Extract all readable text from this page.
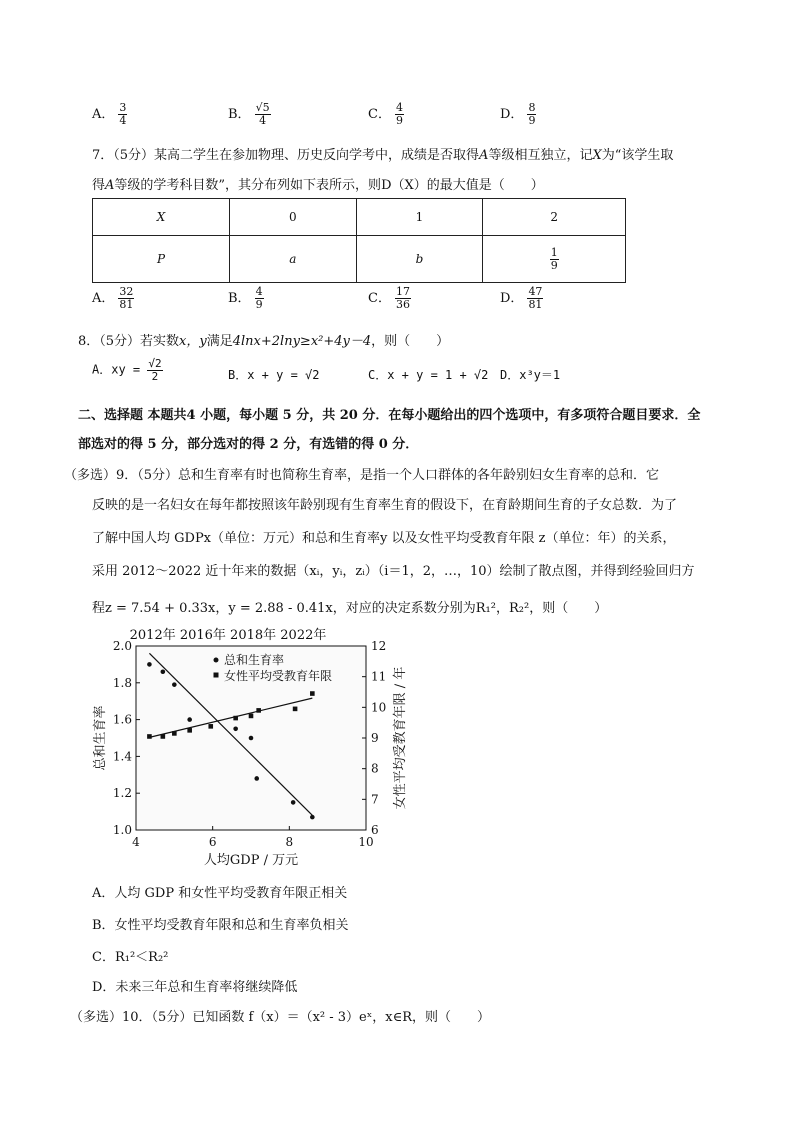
A． $\frac{3}{4}$	B． $\frac{√5}{4}$	C． $\frac{4}{9}$	D． $\frac{8}{9}$
7．（5分）某高二学生在参加物理、历史反向学考中，成绩是否取得A等级相互独立，记X为“该学生取
得A等级的学考科目数”，其分布列如下表所示，则D（X）的最大值是（　　）
X	0	1	2
P	a	b	$\frac{1}{9}$
A． $\frac{32}{81}$	B． $\frac{4}{9}$	C． $\frac{17}{36}$	D． $\frac{47}{81}$
8．（5分）若实数x，y满足4lnx+2lny≥x²+4y－4，则（　　）
A．xy = $\frac{√2}{2}$	B．x + y = √2	C．x + y = 1 + √2 D．x³y＝1
二、选择题 本题共4 小题，每小题 5 分，共 20 分．在每小题给出的四个选项中，有多项符合题目要求．全
部选对的得 5 分，部分选对的得 2 分，有选错的得 0 分．
（多选）9．（5分）总和生育率有时也简称生育率，是指一个人口群体的各年龄别妇女生育率的总和．它
反映的是一名妇女在每年都按照该年龄别现有生育率生育的假设下，在育龄期间生育的子女总数．为了
了解中国人均 GDPx（单位：万元）和总和生育率y 以及女性平均受教育年限 z（单位：年）的关系，
采用 2012～2022 近十年来的数据（xᵢ，yᵢ，zᵢ）（i＝1，2，…，10）绘制了散点图，并得到经验回归方
程z = 7.54 + 0.33x，y = 2.88 - 0.41x，对应的决定系数分别为R₁²，R₂²，则（　　）
2012年 2016年 2018年 2022年
4	6	8	10
1.0
1.2
1.4
1.6
1.8
2.0
6
7
8
9
10
11
12
总和生育率
女性平均受教育年限
人均GDP / 万元
总和生育率	女性平均受教育年限 / 年
A．人均 GDP 和女性平均受教育年限正相关
B．女性平均受教育年限和总和生育率负相关
C．R₁²＜R₂²
D．未来三年总和生育率将继续降低
（多选）10．（5分）已知函数 f（x）＝（x² - 3）eˣ，x∈R，则（　　）
